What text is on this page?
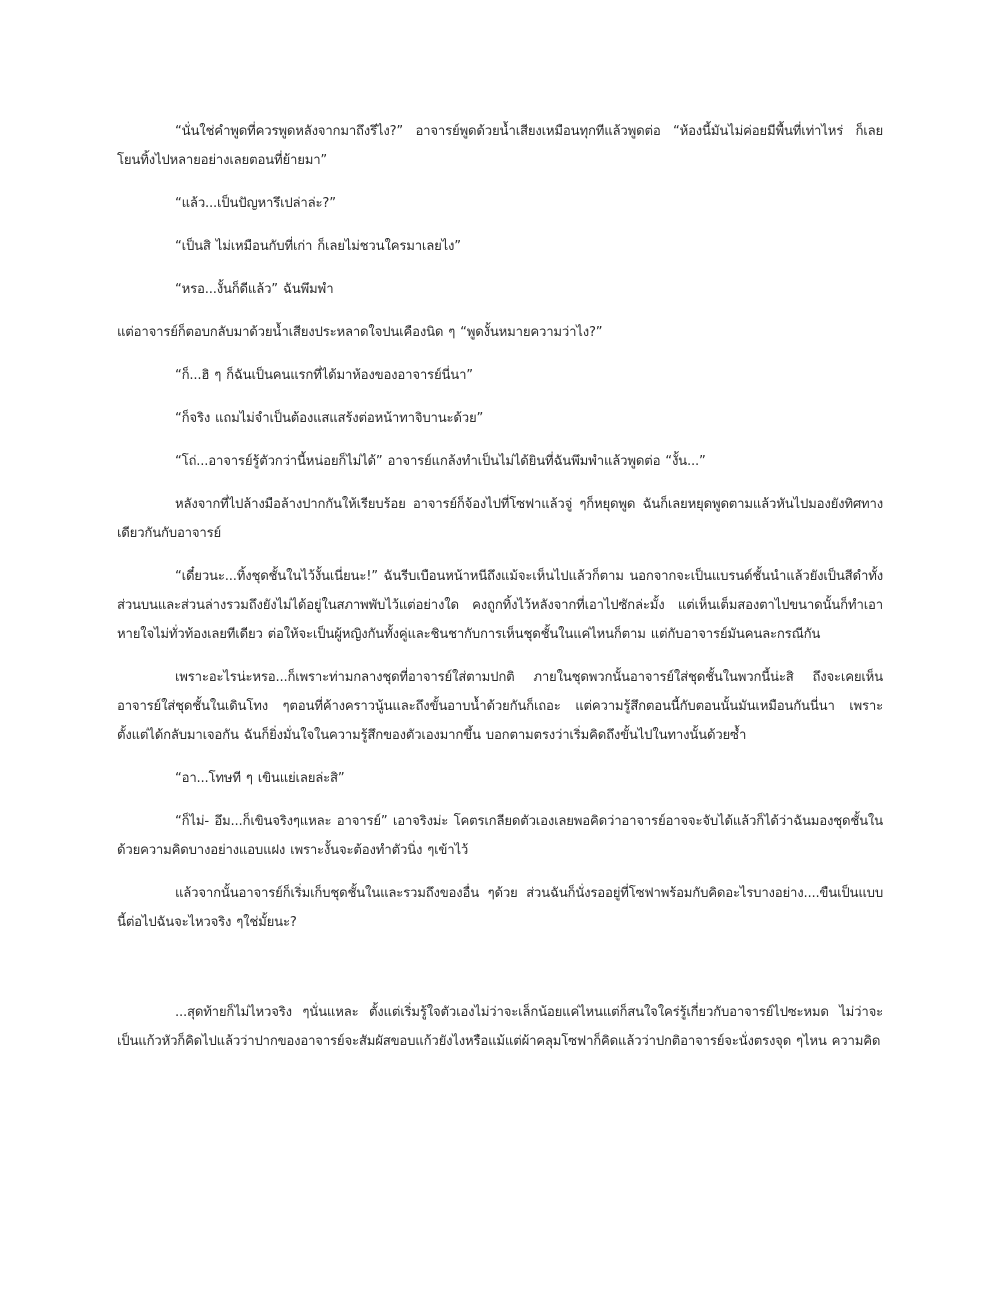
“นั่นใช่คำพูดที่ควรพูดหลังจากมาถึงรึไง?” อาจารย์พูดด้วยน้ำเสียงเหมือนทุกทีแล้วพูดต่อ “ห้องนี้มันไม่ค่อยมีพื้นที่เท่าไหร่ ก็เลยโยนทิ้งไปหลายอย่างเลยตอนที่ย้ายมา”

“แล้ว...เป็นปัญหารึเปล่าล่ะ?”

“เป็นสิ ไม่เหมือนกับที่เก่า ก็เลยไม่ชวนใครมาเลยไง”

“หรอ...งั้นก็ดีแล้ว” ฉันพึมพำ

แต่อาจารย์ก็ตอบกลับมาด้วยน้ำเสียงประหลาดใจปนเคืองนิด ๆ “พูดงั้นหมายความว่าไง?”

“ก็...ฮิ ๆ ก็ฉันเป็นคนแรกที่ได้มาห้องของอาจารย์นี่นา”

“ก็จริง แถมไม่จำเป็นต้องแสแสร้งต่อหน้าทาจิบานะด้วย”

“โถ่...อาจารย์รู้ตัวกว่านี้หน่อยก็ไม่ได้” อาจารย์แกล้งทำเป็นไม่ได้ยินที่ฉันพึมพำแล้วพูดต่อ “งั้น...”

หลังจากที่ไปล้างมือล้างปากกันให้เรียบร้อย อาจารย์ก็จ้องไปที่โซฟาแล้วจู่ ๆก็หยุดพูด ฉันก็เลยหยุดพูดตามแล้วหันไปมองยังทิศทางเดียวกันกับอาจารย์

“เดี๋ยวนะ...ทิ้งชุดชั้นในไว้งั้นเนี่ยนะ!” ฉันรีบเบือนหน้าหนีถึงแม้จะเห็นไปแล้วก็ตาม นอกจากจะเป็นแบรนด์ชั้นนำแล้วยังเป็นสีดำทั้งส่วนบนและส่วนล่างรวมถึงยังไม่ได้อยู่ในสภาพพับไว้แต่อย่างใด คงถูกทิ้งไว้หลังจากที่เอาไปซักล่ะมั้ง แต่เห็นเต็มสองตาไปขนาดนั้นก็ทำเอาหายใจไม่ทั่วท้องเลยทีเดียว ต่อให้จะเป็นผู้หญิงกันทั้งคู่และชินชากับการเห็นชุดชั้นในแค่ไหนก็ตาม แต่กับอาจารย์มันคนละกรณีกัน

เพราะอะไรน่ะหรอ...ก็เพราะท่ามกลางชุดที่อาจารย์ใส่ตามปกติ ภายในชุดพวกนั้นอาจารย์ใส่ชุดชั้นในพวกนี้น่ะสิ ถึงจะเคยเห็นอาจารย์ใส่ชุดชั้นในเดินโทง ๆตอนที่ค้างคราวนู้นและถึงขั้นอาบน้ำด้วยกันก็เถอะ แต่ความรู้สึกตอนนี้กับตอนนั้นมันเหมือนกันนี่นา เพราะตั้งแต่ได้กลับมาเจอกัน ฉันก็ยิ่งมั่นใจในความรู้สึกของตัวเองมากขึ้น บอกตามตรงว่าเริ่มคิดถึงขั้นไปในทางนั้นด้วยซ้ำ

“อา...โทษที ๆ เขินแย่เลยล่ะสิ”

“ก็ไม่- อึม...ก็เขินจริงๆแหละ อาจารย์” เอาจริงม่ะ โคตรเกลียดตัวเองเลยพอคิดว่าอาจารย์อาจจะจับได้แล้วก็ได้ว่าฉันมองชุดชั้นในด้วยความคิดบางอย่างแอบแฝง เพราะงั้นจะต้องทำตัวนิ่ง ๆเข้าไว้

แล้วจากนั้นอาจารย์ก็เริ่มเก็บชุดชั้นในและรวมถึงของอื่น ๆด้วย ส่วนฉันก็นั่งรออยู่ที่โซฟาพร้อมกับคิดอะไรบางอย่าง....ขืนเป็นแบบนี้ต่อไปฉันจะไหวจริง ๆใช่มั้ยนะ?

...สุดท้ายก็ไม่ไหวจริง ๆนั่นแหละ ตั้งแต่เริ่มรู้ใจตัวเองไม่ว่าจะเล็กน้อยแค่ไหนแต่ก็สนใจใคร่รู้เกี่ยวกับอาจารย์ไปซะหมด ไม่ว่าจะเป็นแก้วหัวก็คิดไปแล้วว่าปากของอาจารย์จะสัมผัสขอบแก้วยังไงหรือแม้แต่ผ้าคลุมโซฟาก็คิดแล้วว่าปกติอาจารย์จะนั่งตรงจุด ๆไหน ความคิด
